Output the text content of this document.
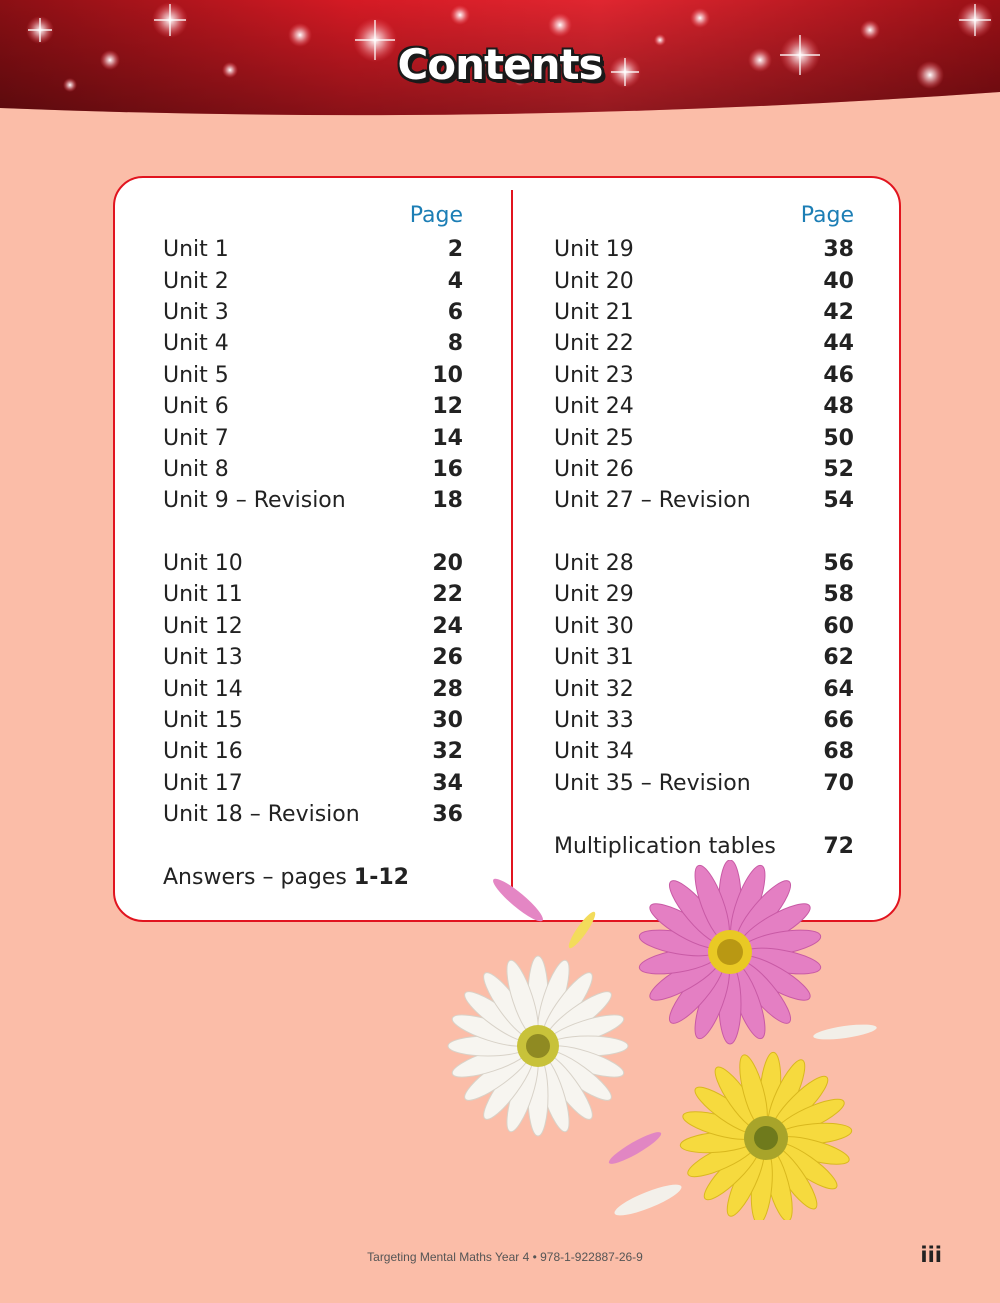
Contents
Page
Unit 1	2
Unit 2	4
Unit 3	6
Unit 4	8
Unit 5	10
Unit 6	12
Unit 7	14
Unit 8	16
Unit 9 – Revision	18
Unit 10	20
Unit 11	22
Unit 12	24
Unit 13	26
Unit 14	28
Unit 15	30
Unit 16	32
Unit 17	34
Unit 18 – Revision	36
Answers – pages
1-12
Page
Unit 19	38
Unit 20	40
Unit 21	42
Unit 22	44
Unit 23	46
Unit 24	48
Unit 25	50
Unit 26	52
Unit 27 – Revision	54
Unit 28	56
Unit 29	58
Unit 30	60
Unit 31	62
Unit 32	64
Unit 33	66
Unit 34	68
Unit 35 – Revision	70
Multiplication tables 72
Targeting Mental Maths Year 4 • 978-1-922887-26-9	iii
